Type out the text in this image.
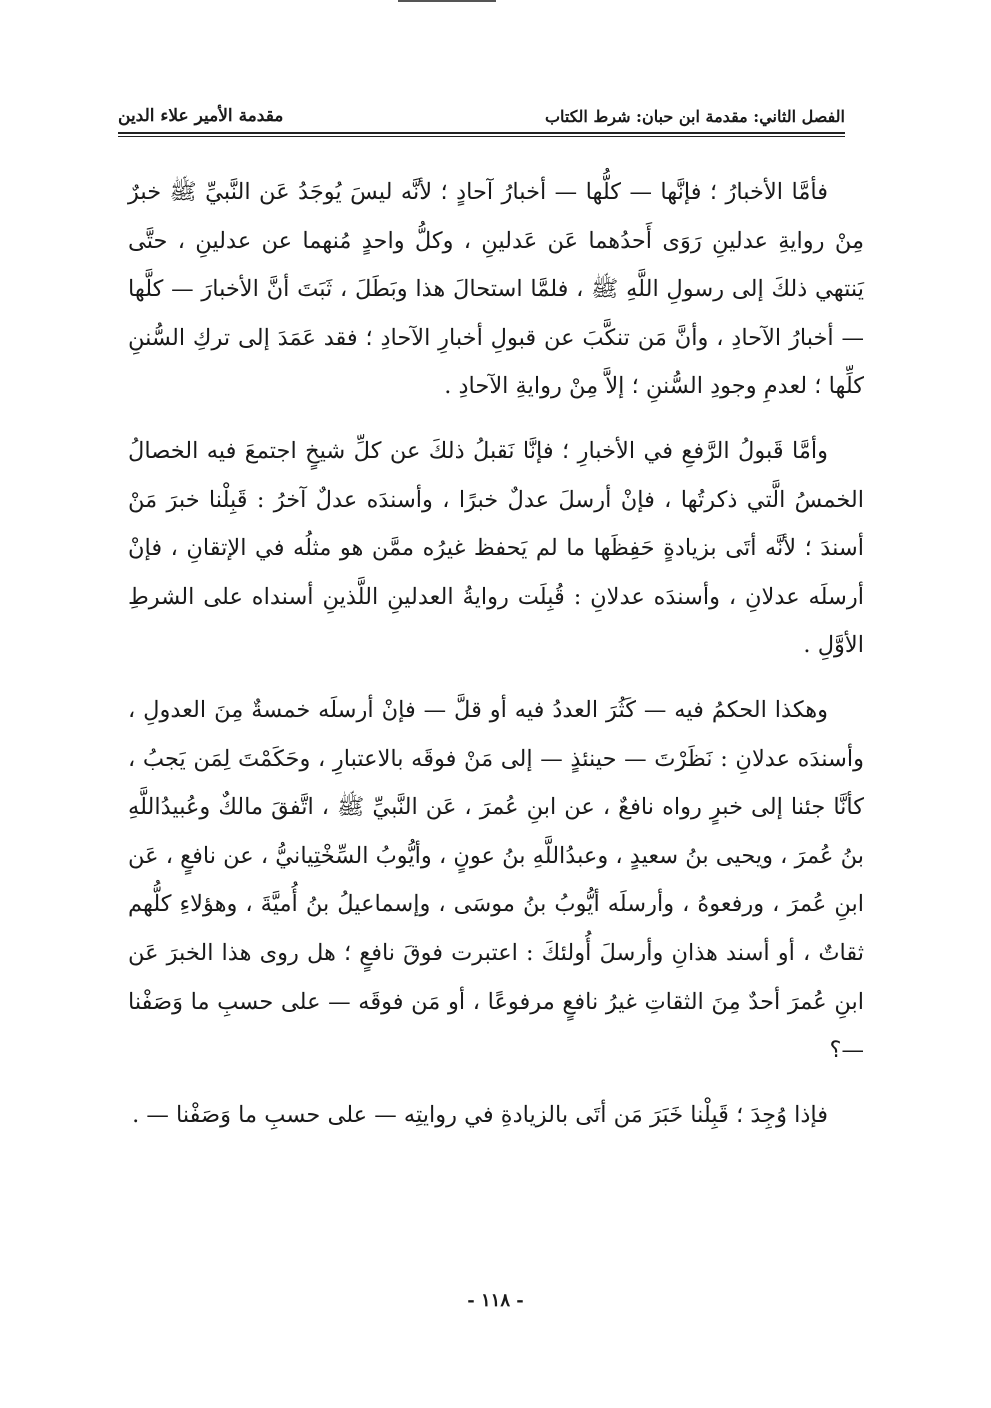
الفصل الثاني: مقدمة ابن حبان: شرط الكتاب
مقدمة الأمير علاء الدين

فأمَّا الأخبارُ ؛ فإنَّها — كلُّها — أخبارُ آحادٍ ؛ لأنَّه ليسَ يُوجَدُ عَن النَّبيِّ ﷺ خبرٌ مِنْ روايةِ عدلينِ رَوَى أَحدُهما عَن عَدلينِ ، وكلُّ واحدٍ مُنهما عن عدلينِ ، حتَّى يَنتهي ذلكَ إلى رسولِ اللَّهِ ﷺ ، فلمَّا استحالَ هذا وبَطَلَ ، ثَبَتَ أنَّ الأخبارَ — كلَّها — أخبارُ الآحادِ ، وأنَّ مَن تنكَّبَ عن قبولِ أخبارِ الآحادِ ؛ فقد عَمَدَ إلى تركِ السُّننِ كلِّها ؛ لعدمِ وجودِ السُّننِ ؛ إلاَّ مِنْ روايةِ الآحادِ .

وأمَّا قَبولُ الرَّفعِ في الأخبارِ ؛ فإنَّا نَقبلُ ذلكَ عن كلِّ شيخٍ اجتمعَ فيه الخصالُ الخمسُ الَّتي ذكرتُها ، فإنْ أرسلَ عدلٌ خبرًا ، وأسندَه عدلٌ آخرُ : قَبِلْنا خبرَ مَنْ أسندَ ؛ لأنَّه أتَى بزيادةٍ حَفِظَها ما لم يَحفظ غيرُه ممَّن هو مثلُه في الإتقانِ ، فإنْ أرسلَه عدلانِ ، وأسندَه عدلانِ : قُبِلَت روايةُ العدلينِ اللَّذينِ أسنداه على الشرطِ الأوَّلِ .

وهكذا الحكمُ فيه — كَثُرَ العددُ فيه أو قلَّ — فإنْ أرسلَه خمسةٌ مِنَ العدولِ ، وأسندَه عدلانِ : نَظَرْتَ — حينئذٍ — إلى مَنْ فوقَه بالاعتبارِ ، وحَكَمْتَ لِمَن يَجبُ ، كأنَّا جئنا إلى خبرٍ رواه نافعٌ ، عن ابنِ عُمرَ ، عَن النَّبيِّ ﷺ ، اتَّفقَ مالكٌ وعُبيدُاللَّهِ بنُ عُمرَ ، ويحيى بنُ سعيدٍ ، وعبدُاللَّهِ بنُ عونٍ ، وأيُّوبُ السِّخْتِيانيُّ ، عن نافعٍ ، عَن ابنِ عُمرَ ، ورفعوهُ ، وأرسلَه أيُّوبُ بنُ موسَى ، وإسماعيلُ بنُ أُميَّةَ ، وهؤلاءِ كلُّهم ثقاتٌ ، أو أسند هذانِ وأرسلَ أُولئكَ : اعتبرت فوقَ نافعٍ ؛ هل روى هذا الخبرَ عَن ابنِ عُمرَ أحدٌ مِنَ الثقاتِ غيرُ نافعٍ مرفوعًا ، أو مَن فوقَه — على حسبِ ما وَصَفْنا —؟

فإذا وُجِدَ ؛ قَبِلْنا خَبَرَ مَن أتَى بالزيادةِ في روايتِه — على حسبِ ما وَصَفْنا — .

- ١١٨ -
